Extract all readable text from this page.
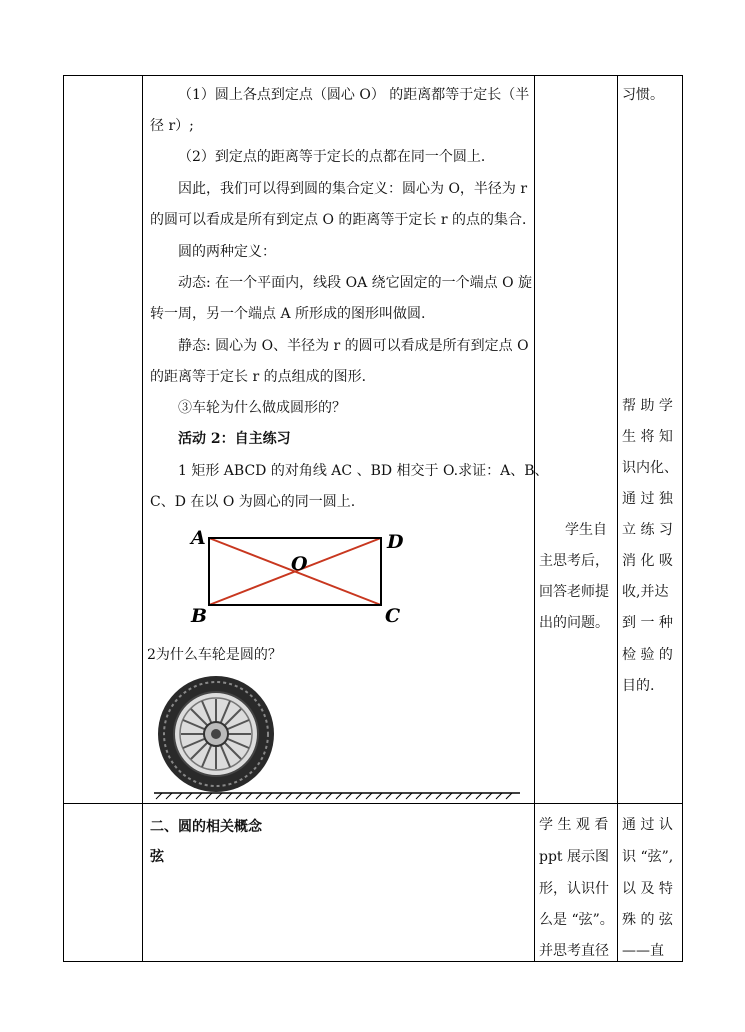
（1）圆上各点到定点（圆心 O） 的距离都等于定长（半
径 r）;
（2）到定点的距离等于定长的点都在同一个圆上．
因此，我们可以得到圆的集合定义：圆心为 O，半径为 r
的圆可以看成是所有到定点 O 的距离等于定长 r 的点的集合．
圆的两种定义：
动态: 在一个平面内，线段 OA 绕它固定的一个端点 O 旋
转一周，另一个端点 A 所形成的图形叫做圆.
静态: 圆心为 O、半径为 r 的圆可以看成是所有到定点 O
的距离等于定长 r 的点组成的图形．
③车轮为什么做成圆形的？
活动 2：自主练习
1 矩形 ABCD 的对角线 AC 、BD 相交于 O.求证：A、B、
C、D 在以 O 为圆心的同一圆上.
A
B	C
D
O
2为什么车轮是圆的？
二、圆的相关概念
弦
学生自
主思考后，
回答老师提
出的问题。
学 生 观 看
ppt 展示图
形，认识什
么是 “弦”。
并思考直径
习惯。
帮 助 学
生 将 知
识内化、
通 过 独
立 练 习
消 化 吸
收,并达
到 一 种
检 验 的
目的.
通 过 认
识 “弦”,
以 及 特
殊 的 弦
——直
